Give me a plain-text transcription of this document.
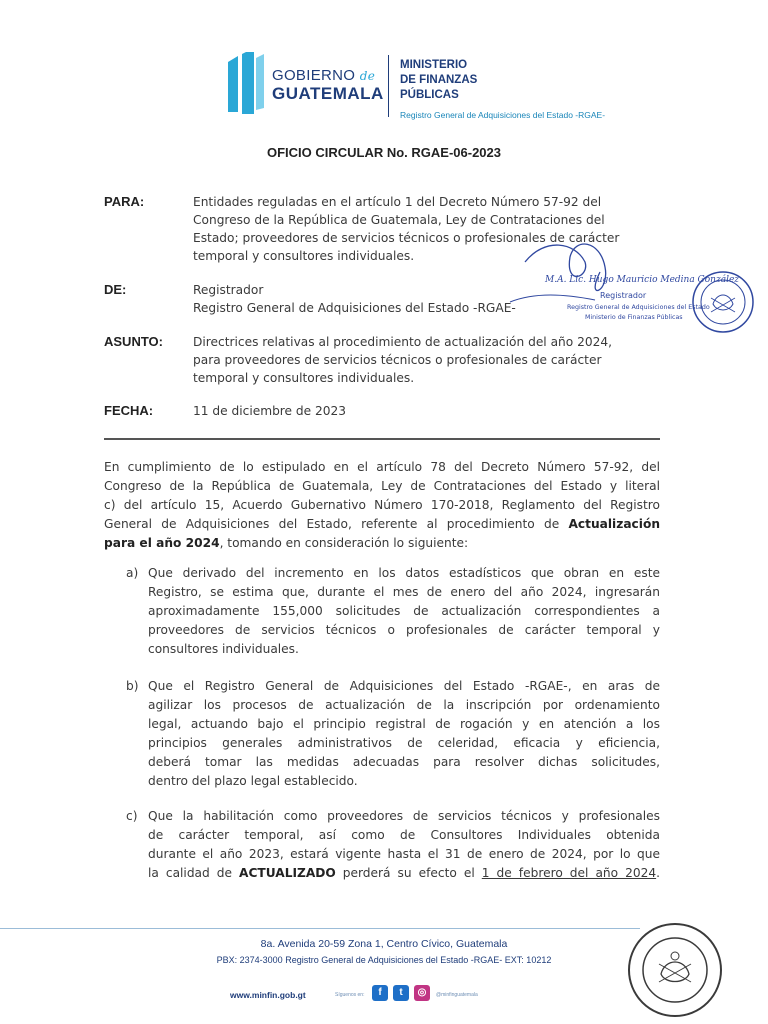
GOBIERNO de
GUATEMALA
MINISTERIO
DE FINANZAS
PÚBLICAS
Registro General de Adquisiciones del Estado -RGAE-
OFICIO CIRCULAR No. RGAE-06-2023
PARA:	Entidades reguladas en el artículo 1 del Decreto Número 57-92 del
Congreso de la República de Guatemala, Ley de Contrataciones del
Estado; proveedores de servicios técnicos o profesionales de carácter
temporal y consultores individuales.
DE:	Registrador
Registro General de Adquisiciones del Estado -RGAE-
ASUNTO: Directrices relativas al procedimiento de actualización del año 2024,
para proveedores de servicios técnicos o profesionales de carácter
temporal y consultores individuales.
FECHA:	11 de diciembre de 2023
M.A. Lic. Hugo Mauricio Medina González
Registrador
Registro General de Adquisiciones del Estado
Ministerio de Finanzas Públicas
En cumplimiento de lo estipulado en el artículo 78 del Decreto Número 57-92, del
Congreso de la República de Guatemala, Ley de Contrataciones del Estado y literal
c) del artículo 15, Acuerdo Gubernativo Número 170-2018, Reglamento del Registro
General de Adquisiciones del Estado, referente al procedimiento de Actualización
para el año 2024, tomando en consideración lo siguiente:
a) Que derivado del incremento en los datos estadísticos que obran en este
Registro, se estima que, durante el mes de enero del año 2024, ingresarán
aproximadamente 155,000 solicitudes de actualización correspondientes a
proveedores de servicios técnicos o profesionales de carácter temporal y
consultores individuales.
b) Que el Registro General de Adquisiciones del Estado -RGAE-, en aras de
agilizar los procesos de actualización de la inscripción por ordenamiento
legal, actuando bajo el principio registral de rogación y en atención a los
principios generales administrativos de celeridad, eficacia y eficiencia,
deberá tomar las medidas adecuadas para resolver dichas solicitudes,
dentro del plazo legal establecido.
c) Que la habilitación como proveedores de servicios técnicos y profesionales
de carácter temporal, así como de Consultores Individuales obtenida
durante el año 2023, estará vigente hasta el 31 de enero de 2024, por lo que
la calidad de ACTUALIZADO perderá su efecto el 1 de febrero del año 2024.
8a. Avenida 20-59 Zona 1, Centro Cívico, Guatemala
PBX: 2374-3000 Registro General de Adquisiciones del Estado -RGAE- EXT: 10212
www.minfin.gob.gt	Síguenos en:	f	t	◎	@minfinguatemala
